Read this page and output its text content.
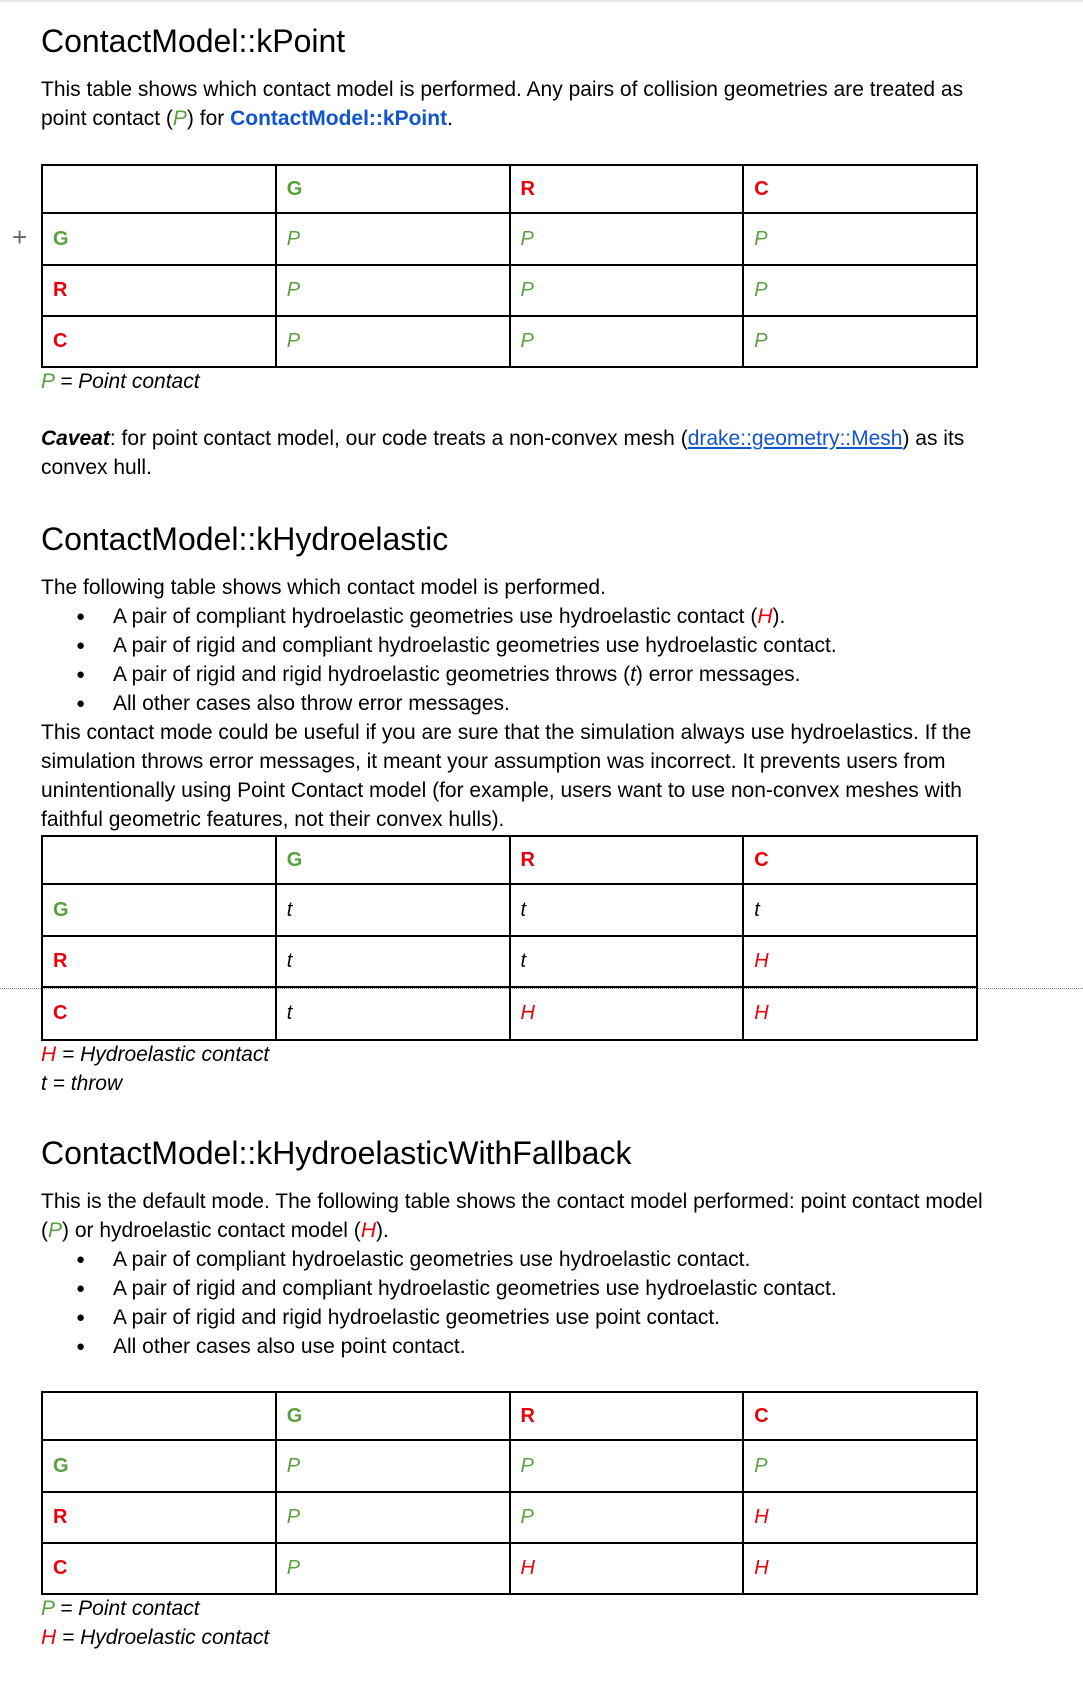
+
ContactModel::kPoint

This table shows which contact model is performed. Any pairs of collision geometries are treated as point contact (P) for ContactModel::kPoint.

	G	R	C
G	P	P	P
R	P	P	P
C	P	P	P
P = Point contact

Caveat: for point contact model, our code treats a non-convex mesh (drake::geometry::Mesh) as its convex hull.

ContactModel::kHydroelastic

The following table shows which contact model is performed.

● A pair of compliant hydroelastic geometries use hydroelastic contact (H).
● A pair of rigid and compliant hydroelastic geometries use hydroelastic contact.
● A pair of rigid and rigid hydroelastic geometries throws (t) error messages.
● All other cases also throw error messages.

This contact mode could be useful if you are sure that the simulation always use hydroelastics. If the simulation throws error messages, it meant your assumption was incorrect. It prevents users from unintentionally using Point Contact model (for example, users want to use non-convex meshes with faithful geometric features, not their convex hulls).

	G	R	C
G	t	t	t
R	t	t	H
C	t	H	H
H = Hydroelastic contact
t = throw
ContactModel::kHydroelasticWithFallback

This is the default mode. The following table shows the contact model performed: point contact model (P) or hydroelastic contact model (H).

● A pair of compliant hydroelastic geometries use hydroelastic contact.
● A pair of rigid and compliant hydroelastic geometries use hydroelastic contact.
● A pair of rigid and rigid hydroelastic geometries use point contact.
● All other cases also use point contact.
	G	R	C
G	P	P	P
R	P	P	H
C	P	H	H
P = Point contact
H = Hydroelastic contact
